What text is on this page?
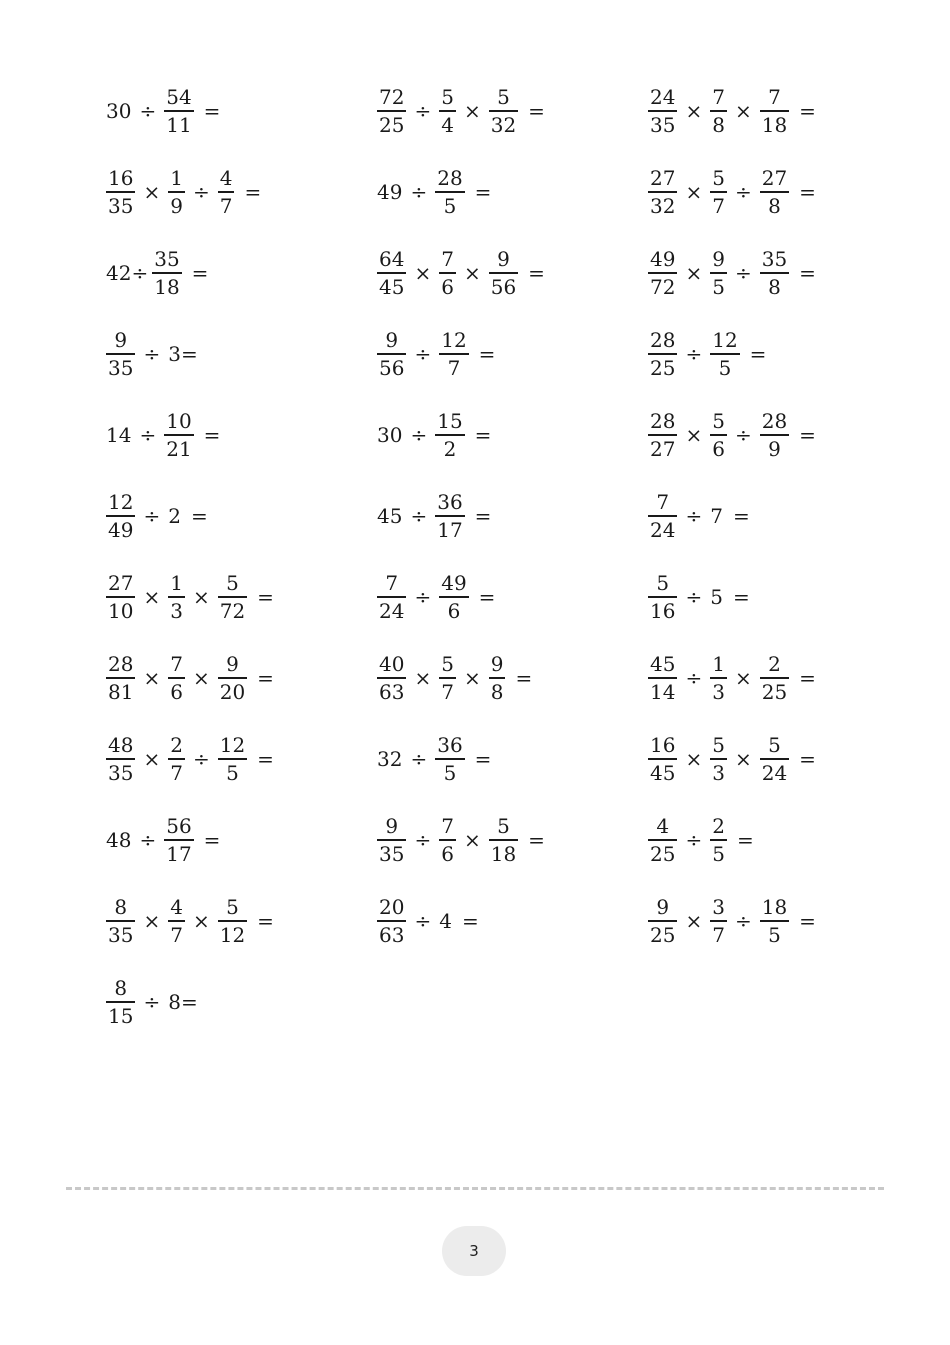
$30 \div \frac{54}{11}$ =	$\frac{72}{25} \div \frac{5}{4} \times \frac{5}{32}$ =	$\frac{24}{35} \times \frac{7}{8} \times \frac{7}{18}$ =
$\frac{16}{35} \times \frac{1}{9} \div \frac{4}{7}$ =	$49 \div \frac{28}{5}$ =	$\frac{27}{32} \times \frac{5}{7} \div \frac{27}{8}$ =
$42\div \frac{35}{18}$ =	$\frac{64}{45} \times \frac{7}{6} \times \frac{9}{56}$ =	$\frac{49}{72} \times \frac{9}{5} \div \frac{35}{8}$ =
$\frac{9}{35} \div 3=$	$\frac{9}{56} \div \frac{12}{7}$ =	$\frac{28}{25} \div \frac{12}{5}$ =
$14 \div \frac{10}{21}$ =	$30 \div \frac{15}{2}$ =	$\frac{28}{27} \times \frac{5}{6} \div \frac{28}{9}$ =
$\frac{12}{49} \div 2$ =	$45 \div \frac{36}{17}$ =	$\frac{7}{24} \div 7$ =
$\frac{27}{10} \times \frac{1}{3} \times \frac{5}{72}$ =	$\frac{7}{24} \div \frac{49}{6}$ =	$\frac{5}{16} \div 5$ =
$\frac{28}{81} \times \frac{7}{6} \times \frac{9}{20}$ =	$\frac{40}{63} \times \frac{5}{7} \times \frac{9}{8}$ =	$\frac{45}{14} \div \frac{1}{3} \times \frac{2}{25}$ =
$\frac{48}{35} \times \frac{2}{7} \div \frac{12}{5}$ =	$32 \div \frac{36}{5}$ =	$\frac{16}{45} \times \frac{5}{3} \times \frac{5}{24}$ =
$48 \div \frac{56}{17}$ =	$\frac{9}{35} \div \frac{7}{6} \times \frac{5}{18}$ =	$\frac{4}{25} \div \frac{2}{5}$ =
$\frac{8}{35} \times \frac{4}{7} \times \frac{5}{12}$ =	$\frac{20}{63} \div 4$ =	$\frac{9}{25} \times \frac{3}{7} \div \frac{18}{5}$ =
$\frac{8}{15} \div 8=$
3
